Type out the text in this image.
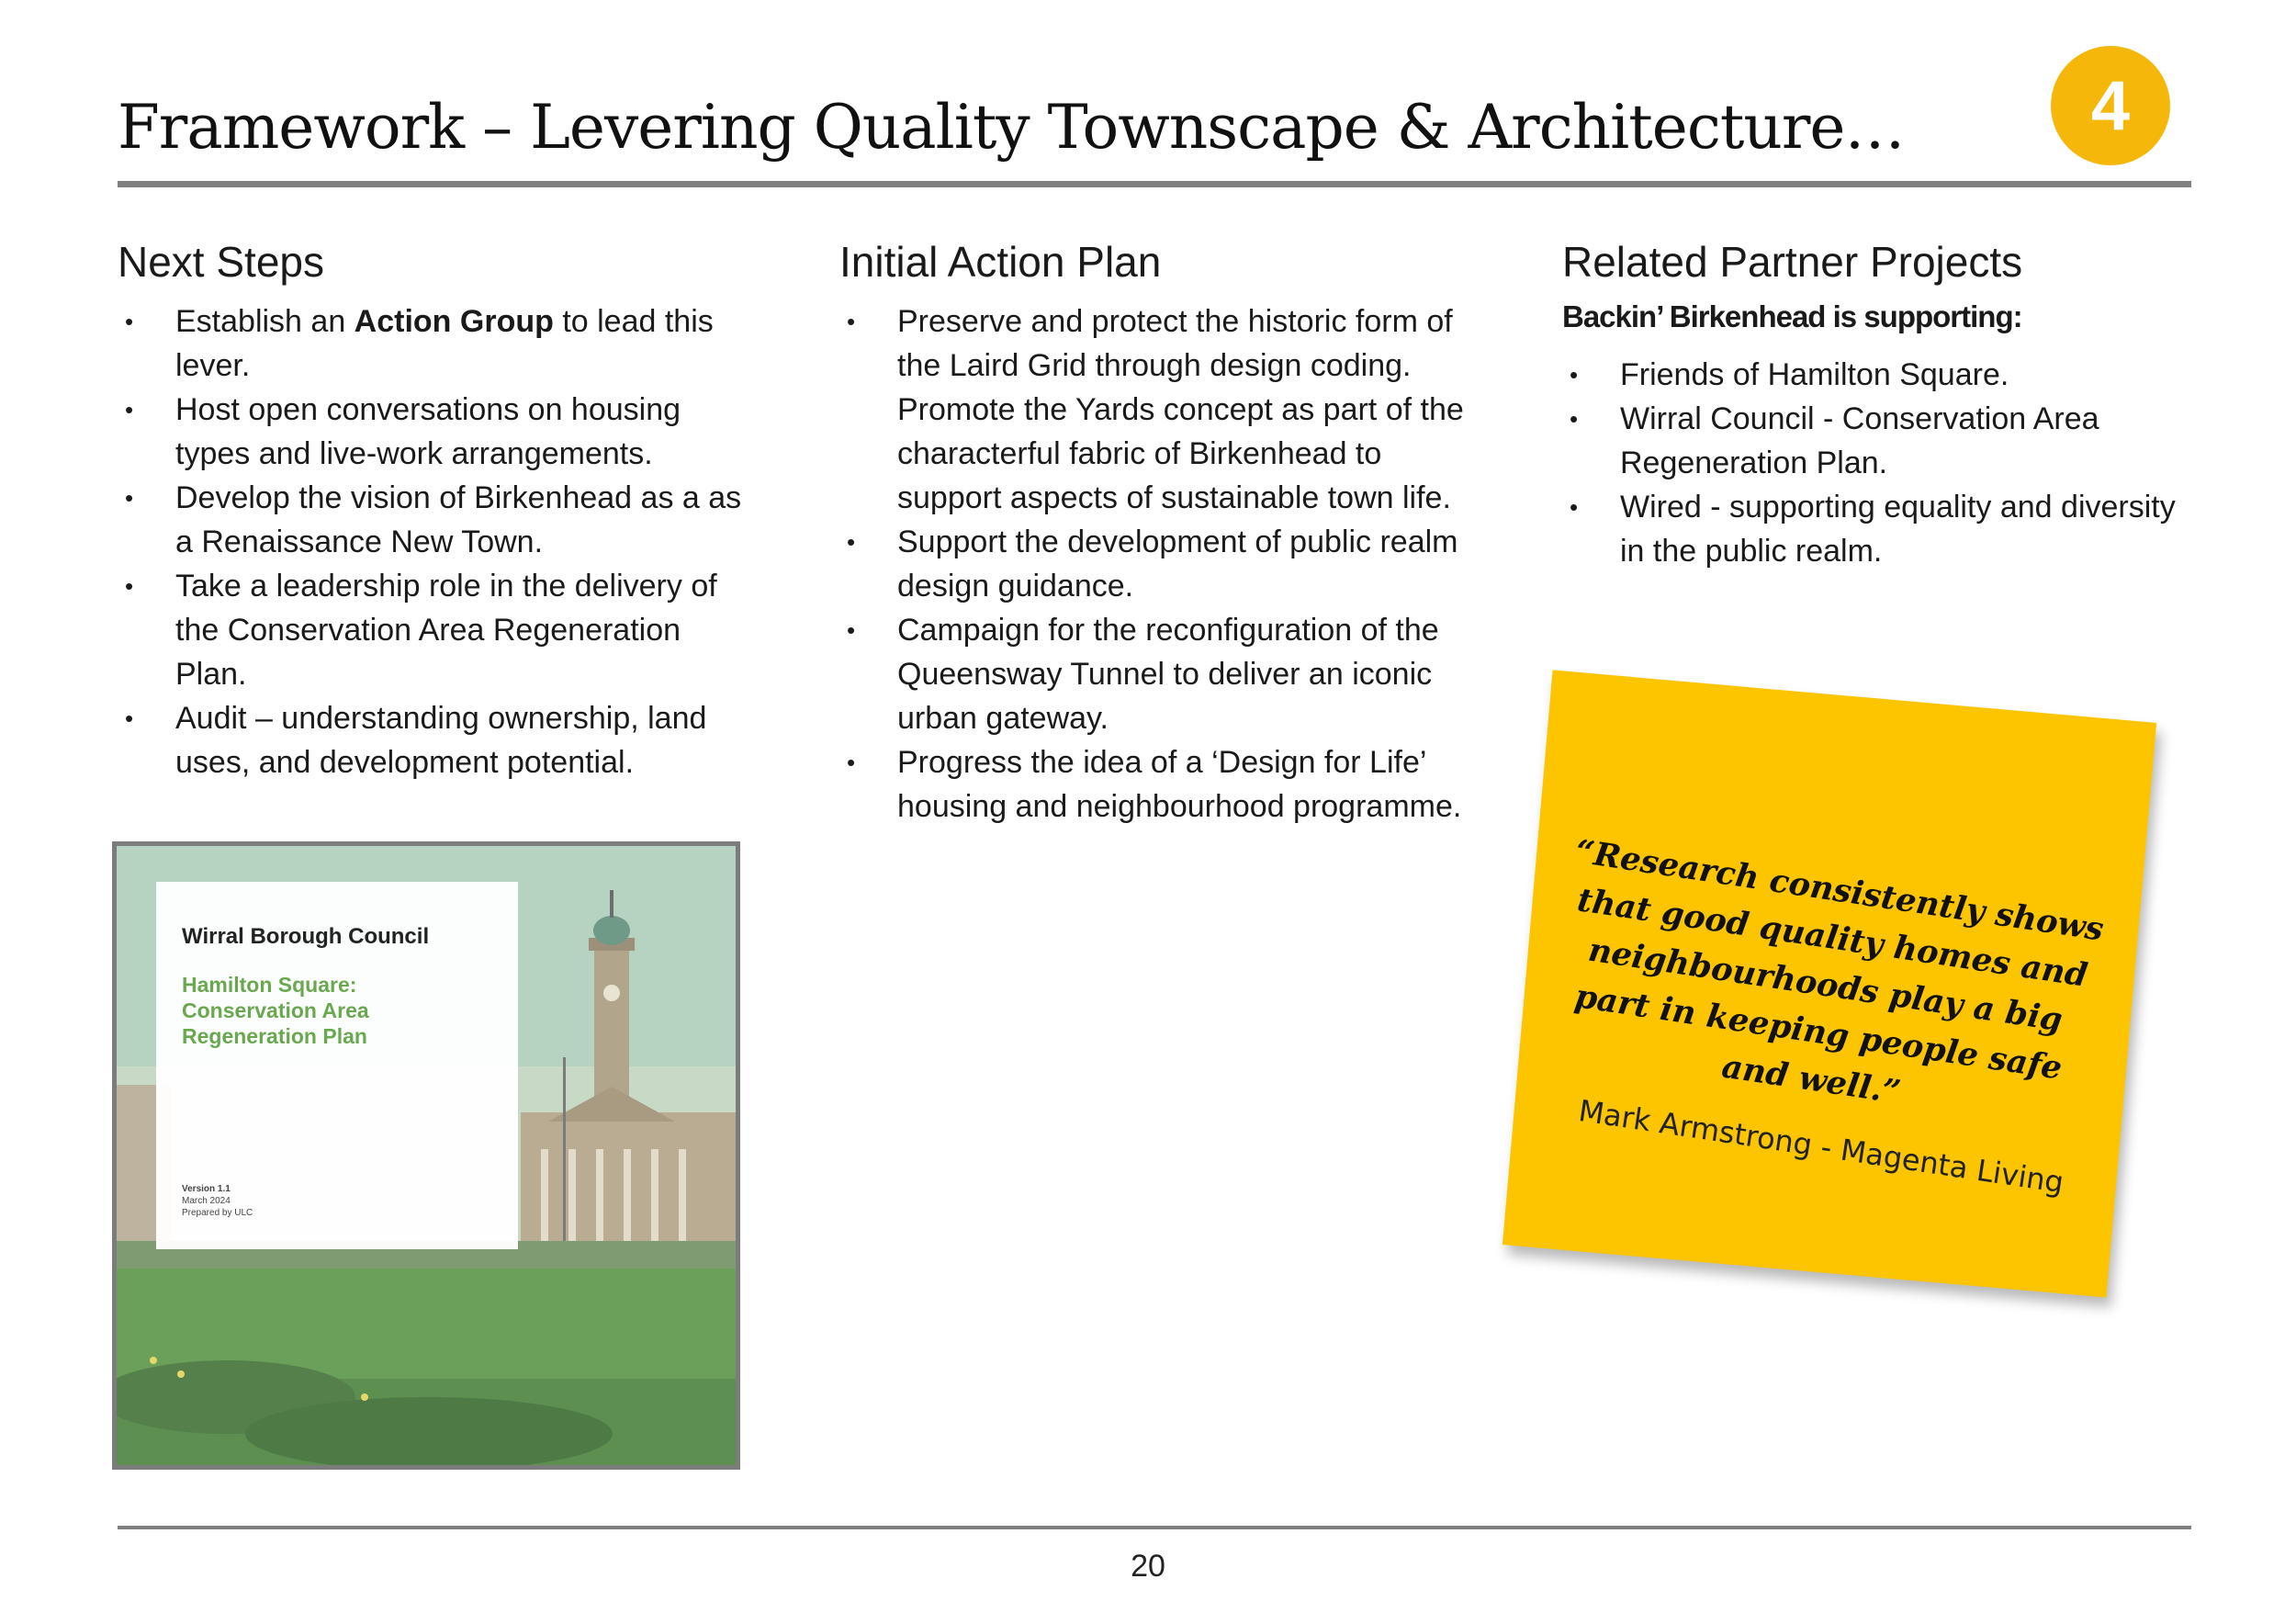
Framework – Levering Quality Townscape & Architecture…	4
Next Steps
• Establish an Action Group to lead this lever.
• Host open conversations on housing types and live-work arrangements.
• Develop the vision of Birkenhead as a as a Renaissance New Town.
• Take a leadership role in the delivery of the Conservation Area Regeneration Plan.
• Audit – understanding ownership, land uses, and development potential.
Initial Action Plan
• Preserve and protect the historic form of the Laird Grid through design coding. Promote the Yards concept as part of the characterful fabric of Birkenhead to support aspects of sustainable town life.
• Support the development of public realm design guidance.
• Campaign for the reconfiguration of the Queensway Tunnel to deliver an iconic urban gateway.
• Progress the idea of a ‘Design for Life’ housing and neighbourhood programme.
Related Partner Projects
Backin’ Birkenhead is supporting:
• Friends of Hamilton Square.
• Wirral Council - Conservation Area Regeneration Plan.
• Wired - supporting equality and diversity in the public realm.
Wirral Borough Council
Hamilton Square:
Conservation Area
Regeneration Plan
Version 1.1
March 2024
Prepared by ULC
“Research consistently shows that good quality homes and neighbourhoods play a big part in keeping people safe and well.”
Mark Armstrong - Magenta Living
20
